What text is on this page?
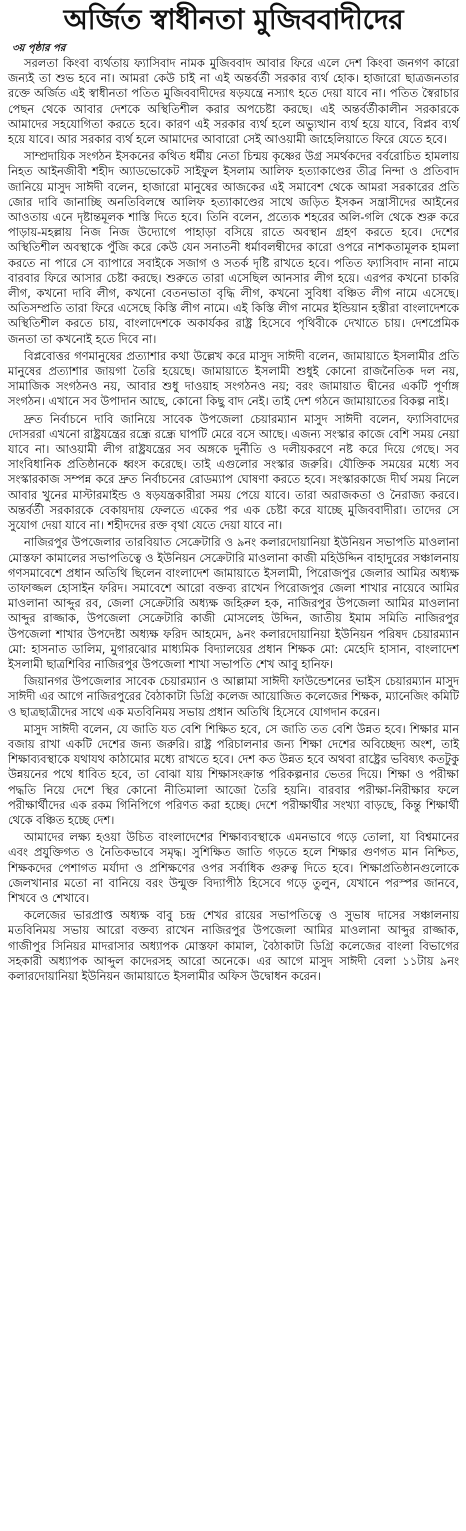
অর্জিত স্বাধীনতা মুজিববাদীদের
৩য় পৃষ্ঠার পর

সরলতা কিংবা ব্যর্থতায় ফ্যাসিবাদ নামক মুজিববাদ আবার ফিরে এলে দেশ কিংবা জনগণ কারো জন্যই তা শুভ হবে না। আমরা কেউ চাই না এই অন্তর্বর্তী সরকার ব্যর্থ হোক। হাজারো ছাত্রজনতার রক্তে অর্জিত এই স্বাধীনতা পতিত মুজিববাদীদের ষড়যন্ত্রে নস্যাৎ হতে দেয়া যাবে না। পতিত স্বৈরাচার পেছন থেকে আবার দেশকে অস্থিতিশীল করার অপচেষ্টা করছে। এই অন্তর্বর্তীকালীন সরকারকে আমাদের সহযোগিতা করতে হবে। কারণ এই সরকার ব্যর্থ হলে অভ্যুত্থান ব্যর্থ হয়ে যাবে, বিপ্লব ব্যর্থ হয়ে যাবে। আর সরকার ব্যর্থ হলে আমাদের আবারো সেই আওয়ামী জাহেলিয়াতে ফিরে যেতে হবে।

সাম্প্রদায়িক সংগঠন ইসকনের কথিত ধর্মীয় নেতা চিন্ময় কৃষ্ণের উগ্র সমর্থকদের বর্বরোচিত হামলায় নিহত আইনজীবী শহীদ অ্যাডভোকেট সাইফুল ইসলাম আলিফ হত্যাকাণ্ডের তীব্র নিন্দা ও প্রতিবাদ জানিয়ে মাসুদ সাঈদী বলেন, হাজারো মানুষের আজকের এই সমাবেশ থেকে আমরা সরকারের প্রতি জোর দাবি জানাচ্ছি অনতিবিলম্বে আলিফ হত্যাকাণ্ডের সাথে জড়িত ইসকন সন্ত্রাসীদের আইনের আওতায় এনে দৃষ্টান্তমূলক শাস্তি দিতে হবে। তিনি বলেন, প্রত্যেক শহরের অলি-গলি থেকে শুরু করে পাড়ায়-মহল্লায় নিজ নিজ উদ্যোগে পাহাড়া বসিয়ে রাতে অবস্থান গ্রহণ করতে হবে। দেশের অস্থিতিশীল অবস্থাকে পুঁজি করে কেউ যেন সনাতনী ধর্মাবলম্বীদের কারো ওপরে নাশকতামূলক হামলা করতে না পারে সে ব্যাপারে সবাইকে সজাগ ও সতর্ক দৃষ্টি রাখতে হবে। পতিত ফ্যাসিবাদ নানা নামে বারবার ফিরে আসার চেষ্টা করছে। শুরুতে তারা এসেছিল আনসার লীগ হয়ে। এরপর কখনো চাকরি লীগ, কখনো দাবি লীগ, কখনো বেতনভাতা বৃদ্ধি লীগ, কখনো সুবিধা বঞ্চিত লীগ নামে এসেছে। অতিসম্প্রতি তারা ফিরে এসেছে কিস্তি লীগ নামে। এই কিস্তি লীগ নামের ইন্ডিয়ান হস্তীরা বাংলাদেশকে অস্থিতিশীল করতে চায়, বাংলাদেশকে অকার্যকর রাষ্ট্র হিসেবে পৃথিবীকে দেখাতে চায়। দেশপ্রেমিক জনতা তা কখনোই হতে দিবে না।

বিপ্লবোত্তর গণমানুষের প্রত্যাশার কথা উল্লেখ করে মাসুদ সাঈদী বলেন, জামায়াতে ইসলামীর প্রতি মানুষের প্রত্যাশার জায়গা তৈরি হয়েছে। জামায়াতে ইসলামী শুধুই কোনো রাজনৈতিক দল নয়, সামাজিক সংগঠনও নয়, আবার শুধু দাওয়াহ সংগঠনও নয়; বরং জামায়াত দ্বীনের একটি পূর্ণাঙ্গ সংগঠন। এখানে সব উপাদান আছে, কোনো কিছু বাদ নেই। তাই দেশ গঠনে জামায়াতের বিকল্প নাই।

দ্রুত নির্বাচনে দাবি জানিয়ে সাবেক উপজেলা চেয়ারম্যান মাসুদ সাঈদী বলেন, ফ্যাসিবাদের দোসররা এখনো রাষ্ট্রযন্ত্রের রন্ধ্রে রন্ধ্রে ঘাপটি মেরে বসে আছে। এজন্য সংস্কার কাজে বেশি সময় নেয়া যাবে না। আওয়ামী লীগ রাষ্ট্রযন্ত্রের সব অঙ্গকে দুর্নীতি ও দলীয়করণে নষ্ট করে দিয়ে গেছে। সব সাংবিধানিক প্রতিষ্ঠানকে ধ্বংস করেছে। তাই এগুলোর সংস্কার জরুরি। যৌক্তিক সময়ের মধ্যে সব সংস্কারকাজ সম্পন্ন করে দ্রুত নির্বাচনের রোডম্যাপ ঘোষণা করতে হবে। সংস্কারকাজে দীর্ঘ সময় নিলে আবার খুনের মাস্টারমাইন্ড ও ষড়যন্ত্রকারীরা সময় পেয়ে যাবে। তারা অরাজকতা ও নৈরাজ্য করবে। অন্তর্বর্তী সরকারকে বেকায়দায় ফেলতে একের পর এক চেষ্টা করে যাচ্ছে মুজিববাদীরা। তাদের সে সুযোগ দেয়া যাবে না। শহীদদের রক্ত বৃথা যেতে দেয়া যাবে না।

নাজিরপুর উপজেলার তারবিয়াত সেক্রেটারি ও ৯নং কলারদোয়ানিয়া ইউনিয়ন সভাপতি মাওলানা মোস্তফা কামালের সভাপতিত্বে ও ইউনিয়ন সেক্রেটারি মাওলানা কাজী মহিউদ্দিন বাহাদুরের সঞ্চালনায় গণসমাবেশে প্রধান অতিথি ছিলেন বাংলাদেশ জামায়াতে ইসলামী, পিরোজপুর জেলার আমির অধ্যক্ষ তাফাজ্জল হোসাইন ফরিদ। সমাবেশে আরো বক্তব্য রাখেন পিরোজপুর জেলা শাখার নায়েবে আমির মাওলানা আব্দুর রব, জেলা সেক্রেটারি অধ্যক্ষ জহিরুল হক, নাজিরপুর উপজেলা আমির মাওলানা আব্দুর রাজ্জাক, উপজেলা সেক্রেটারি কাজী মোসলেহ উদ্দিন, জাতীয় ইমাম সমিতি নাজিরপুর উপজেলা শাখার উপদেষ্টা অধ্যক্ষ ফরিদ আহমেদ, ৯নং কলারদোয়ানিয়া ইউনিয়ন পরিষদ চেয়ারম্যান মো: হাসনাত ডালিম, মুগারঝোর মাধ্যমিক বিদ্যালয়ের প্রধান শিক্ষক মো: মেহেদি হাসান, বাংলাদেশ ইসলামী ছাত্রশিবির নাজিরপুর উপজেলা শাখা সভাপতি শেখ আবু হানিফ।

জিয়ানগর উপজেলার সাবেক চেয়ারম্যান ও আল্লামা সাঈদী ফাউন্ডেশনের ভাইস চেয়ারম্যান মাসুদ সাঈদী এর আগে নাজিরপুরের বৈঠাকাটা ডিগ্রি কলেজ আয়োজিত কলেজের শিক্ষক, ম্যানেজিং কমিটি ও ছাত্রছাত্রীদের সাথে এক মতবিনিময় সভায় প্রধান অতিথি হিসেবে যোগদান করেন।

মাসুদ সাঈদী বলেন, যে জাতি যত বেশি শিক্ষিত হবে, সে জাতি তত বেশি উন্নত হবে। শিক্ষার মান বজায় রাখা একটি দেশের জন্য জরুরি। রাষ্ট্র পরিচালনার জন্য শিক্ষা দেশের অবিচ্ছেদ্য অংশ, তাই শিক্ষাব্যবস্থাকে যথাযথ কাঠামোর মধ্যে রাখতে হবে। দেশ কত উন্নত হবে অথবা রাষ্ট্রের ভবিষ্যৎ কতটুকু উন্নয়নের পথে ধাবিত হবে, তা বোঝা যায় শিক্ষাসংক্রান্ত পরিকল্পনার ভেতর দিয়ে। শিক্ষা ও পরীক্ষা পদ্ধতি নিয়ে দেশে স্থির কোনো নীতিমালা আজো তৈরি হয়নি। বারবার পরীক্ষা-নিরীক্ষার ফলে পরীক্ষার্থীদের এক রকম গিনিপিগে পরিণত করা হচ্ছে। দেশে পরীক্ষার্থীর সংখ্যা বাড়ছে, কিন্তু শিক্ষার্থী থেকে বঞ্চিত হচ্ছে দেশ।

আমাদের লক্ষ্য হওয়া উচিত বাংলাদেশের শিক্ষাব্যবস্থাকে এমনভাবে গড়ে তোলা, যা বিশ্বমানের এবং প্রযুক্তিগত ও নৈতিকভাবে সমৃদ্ধ। সুশিক্ষিত জাতি গড়তে হলে শিক্ষার গুণগত মান নিশ্চিত, শিক্ষকদের পেশাগত মর্যাদা ও প্রশিক্ষণের ওপর সর্বাধিক গুরুত্ব দিতে হবে। শিক্ষাপ্রতিষ্ঠানগুলোকে জেলখানার মতো না বানিয়ে বরং উন্মুক্ত বিদ্যাপীঠ হিসেবে গড়ে তুলুন, যেখানে পরস্পর জানবে, শিখবে ও শেখাবে।

কলেজের ভারপ্রাপ্ত অধ্যক্ষ বাবু চন্দ্র শেখর রায়ের সভাপতিত্বে ও সুভাষ দাসের সঞ্চালনায় মতবিনিময় সভায় আরো বক্তব্য রাখেন নাজিরপুর উপজেলা আমির মাওলানা আব্দুর রাজ্জাক, গাজীপুর সিনিয়র মাদরাসার অধ্যাপক মোস্তফা কামাল, বৈঠাকাটা ডিগ্রি কলেজের বাংলা বিভাগের সহকারী অধ্যাপক আব্দুল কাদেরসহ আরো অনেকে। এর আগে মাসুদ সাঈদী বেলা ১১টায় ৯নং কলারদোয়ানিয়া ইউনিয়ন জামায়াতে ইসলামীর অফিস উদ্বোধন করেন।
